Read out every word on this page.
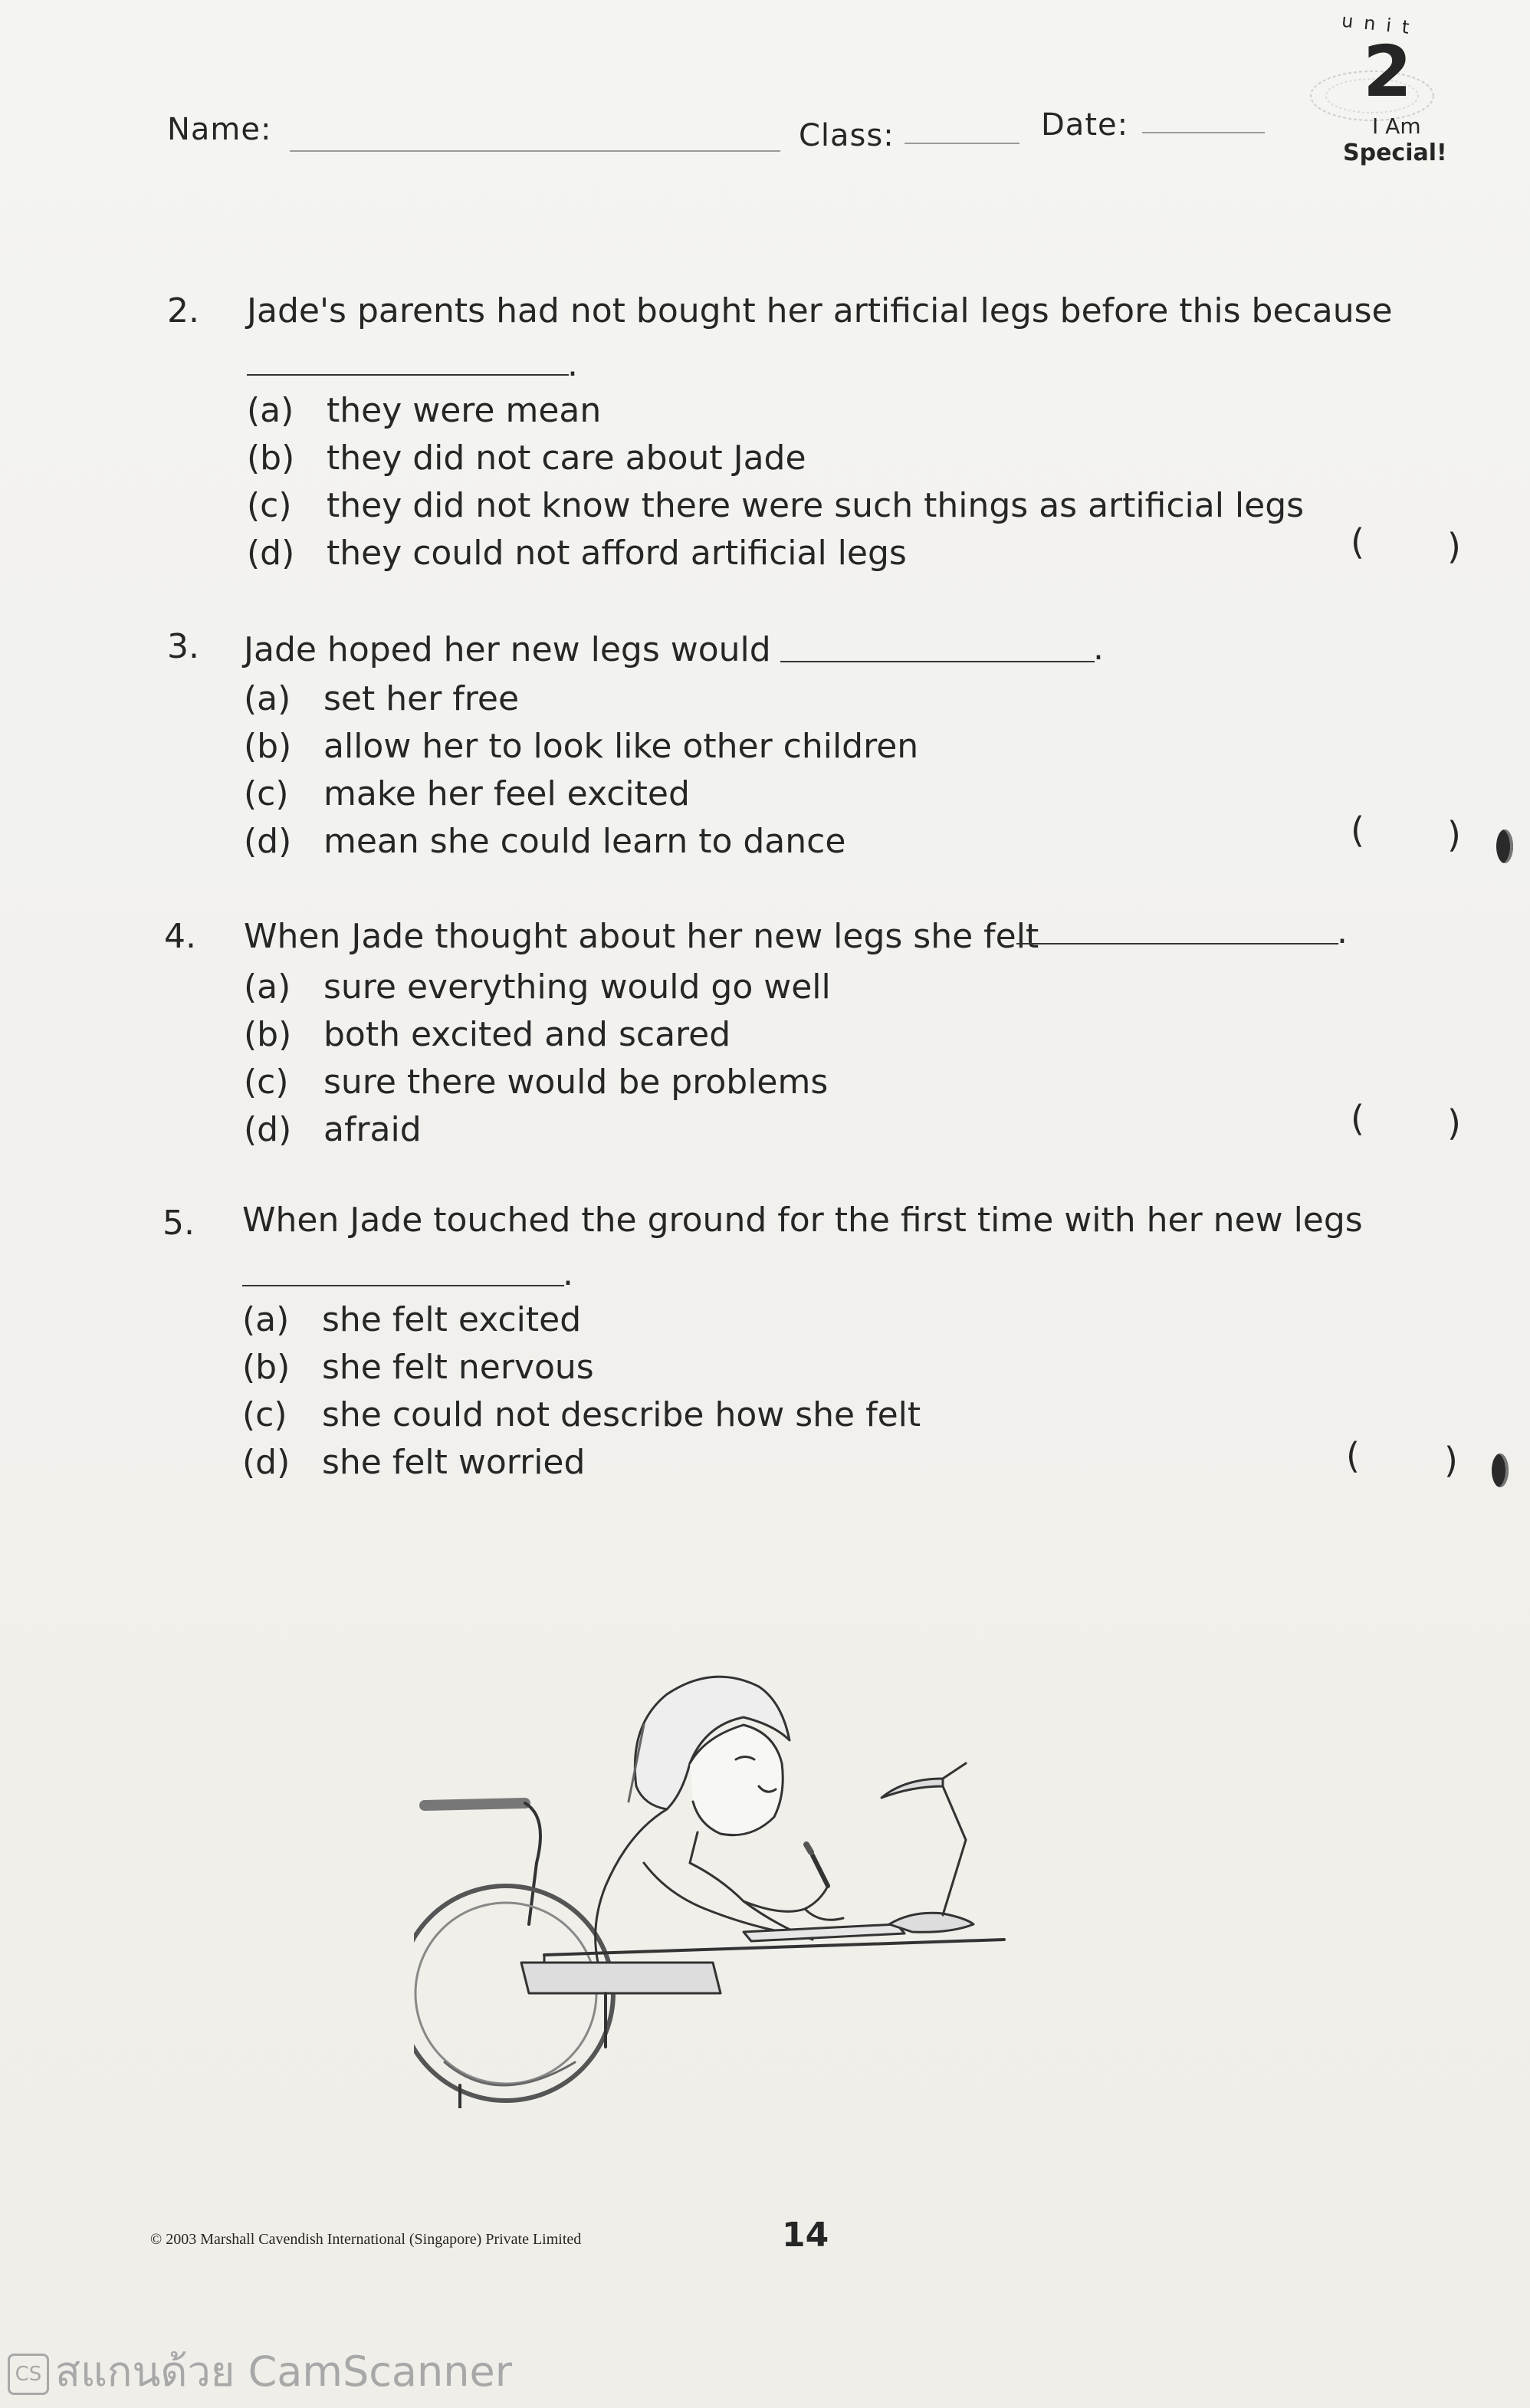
Name:	Class:	Date:
unit
2
I Am
Special!
2. Jade's parents had not bought her artificial legs before this because
.
(a) they were mean
(b) they did not care about Jade
(c) they did not know there were such things as artificial legs
(d) they could not afford artificial legs	( )
3. Jade hoped her new legs would	.
(a) set her free
(b) allow her to look like other children
(c) make her feel excited
(d) mean she could learn to dance	( )
4. When Jade thought about her new legs she felt	.
(a) sure everything would go well
(b) both excited and scared
(c) sure there would be problems
(d) afraid	( )
5. When Jade touched the ground for the first time with her new legs
.
(a) she felt excited
(b) she felt nervous
(c) she could not describe how she felt
(d) she felt worried	( )
© 2003 Marshall Cavendish International (Singapore) Private Limited	14
CS สแกนด้วย CamScanner
